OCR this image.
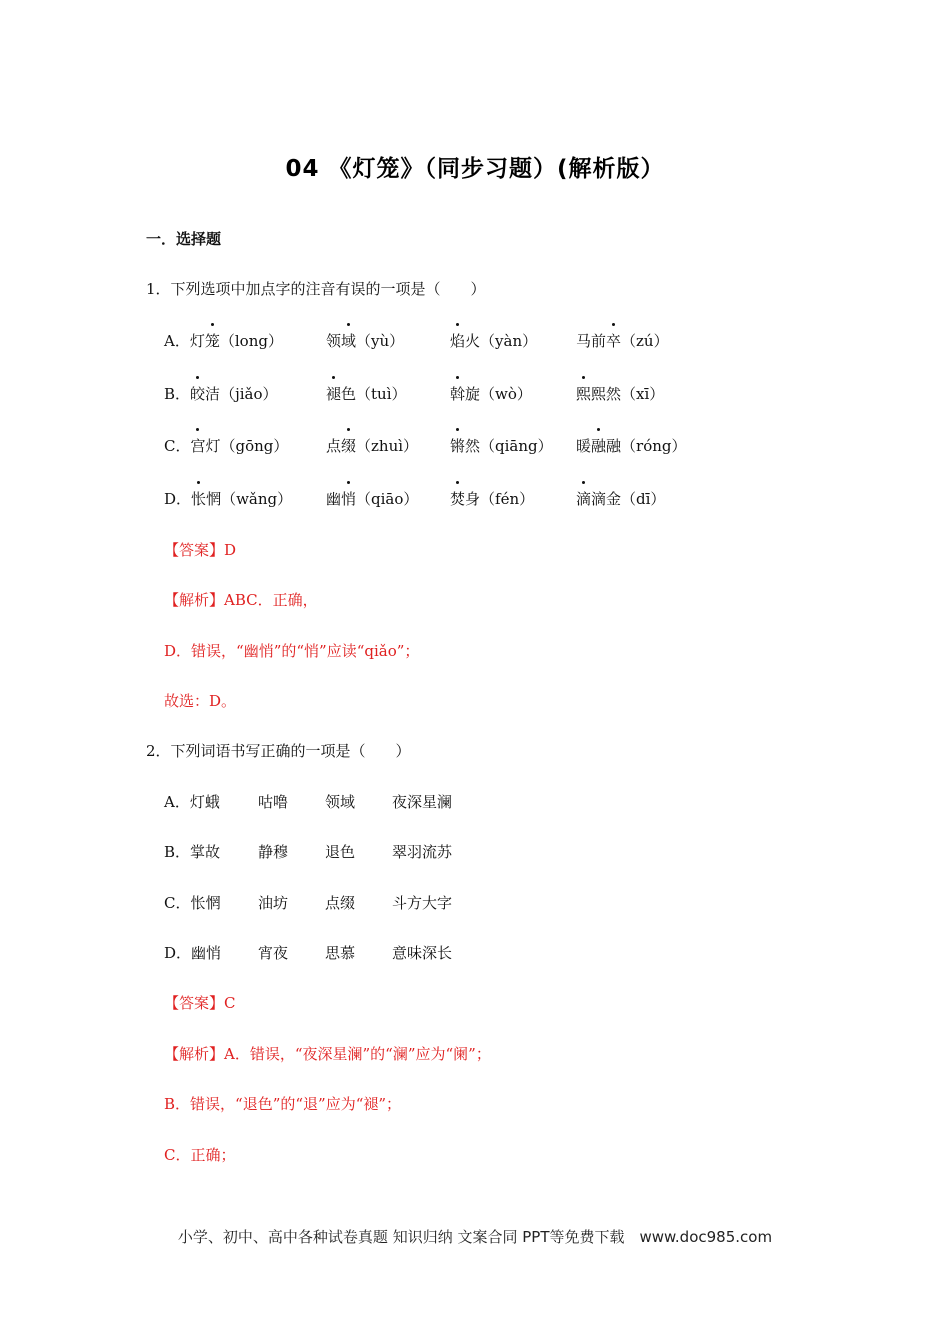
04 《灯笼》（同步习题）(解析版）
一．选择题
1．下列选项中加点字的注音有误的一项是（　　）
A．灯笼（long）	领域（yù）	焰火（yàn）	马前卒（zú）
B．皎洁（jiǎo）	褪色（tuì）	斡旋（wò）	熙熙然（xī）
C．宫灯（gōng）	点缀（zhuì） 锵然（qiāng） 暖融融（róng）
D．怅惘（wǎng） 幽悄（qiāo） 焚身（fén）	滴滴金（dī）
【答案】D
【解析】ABC．正确，
D．错误，“幽悄”的“悄”应读“qiǎo”；
故选：D。
2．下列词语书写正确的一项是（　　）
A．灯蛾	咕噜 领域 夜深星澜
B．掌故	静穆 退色 翠羽流苏
C．怅惘	油坊 点缀 斗方大字
D．幽悄 宵夜 思慕 意味深长
【答案】C
【解析】A．错误，“夜深星澜”的“澜”应为“阑”；
B．错误，“退色”的“退”应为“褪”；
C．正确；
小学、初中、高中各种试卷真题 知识归纳 文案合同 PPT等免费下载　www.doc985.com
